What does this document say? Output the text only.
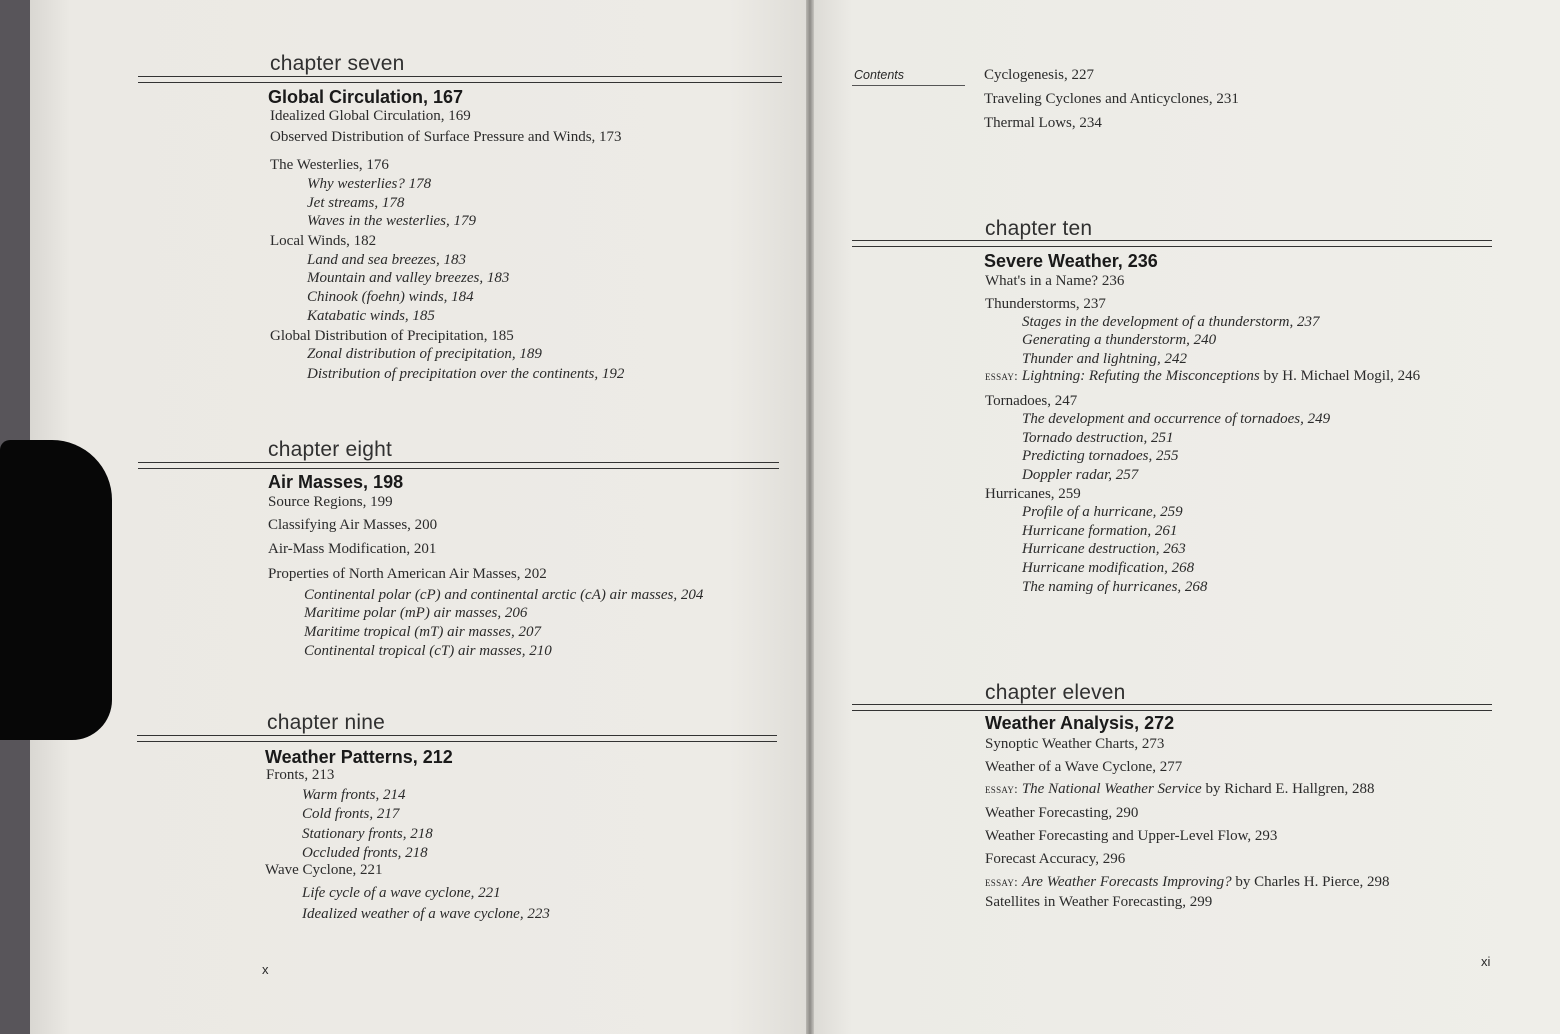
chapter seven
Global Circulation, 167
Idealized Global Circulation, 169
Observed Distribution of Surface Pressure and Winds, 173
The Westerlies, 176
Why westerlies? 178
Jet streams, 178
Waves in the westerlies, 179
Local Winds, 182
Land and sea breezes, 183
Mountain and valley breezes, 183
Chinook (foehn) winds, 184
Katabatic winds, 185
Global Distribution of Precipitation, 185
Zonal distribution of precipitation, 189
Distribution of precipitation over the continents, 192
chapter eight
Air Masses, 198
Source Regions, 199
Classifying Air Masses, 200
Air-Mass Modification, 201
Properties of North American Air Masses, 202
Continental polar (cP) and continental arctic (cA) air masses, 204
Maritime polar (mP) air masses, 206
Maritime tropical (mT) air masses, 207
Continental tropical (cT) air masses, 210
chapter nine
Weather Patterns, 212
Fronts, 213
Warm fronts, 214
Cold fronts, 217
Stationary fronts, 218
Occluded fronts, 218
Wave Cyclone, 221
Life cycle of a wave cyclone, 221
Idealized weather of a wave cyclone, 223
x
Contents	Cyclogenesis, 227
Traveling Cyclones and Anticyclones, 231
Thermal Lows, 234
chapter ten
Severe Weather, 236
What's in a Name? 236
Thunderstorms, 237
Stages in the development of a thunderstorm, 237
Generating a thunderstorm, 240
Thunder and lightning, 242
essay: Lightning: Refuting the Misconceptions by H. Michael Mogil, 246
Tornadoes, 247
The development and occurrence of tornadoes, 249
Tornado destruction, 251
Predicting tornadoes, 255
Doppler radar, 257
Hurricanes, 259
Profile of a hurricane, 259
Hurricane formation, 261
Hurricane destruction, 263
Hurricane modification, 268
The naming of hurricanes, 268
chapter eleven
Weather Analysis, 272
Synoptic Weather Charts, 273
Weather of a Wave Cyclone, 277
essay: The National Weather Service by Richard E. Hallgren, 288
Weather Forecasting, 290
Weather Forecasting and Upper-Level Flow, 293
Forecast Accuracy, 296
essay: Are Weather Forecasts Improving? by Charles H. Pierce, 298
Satellites in Weather Forecasting, 299
xi
